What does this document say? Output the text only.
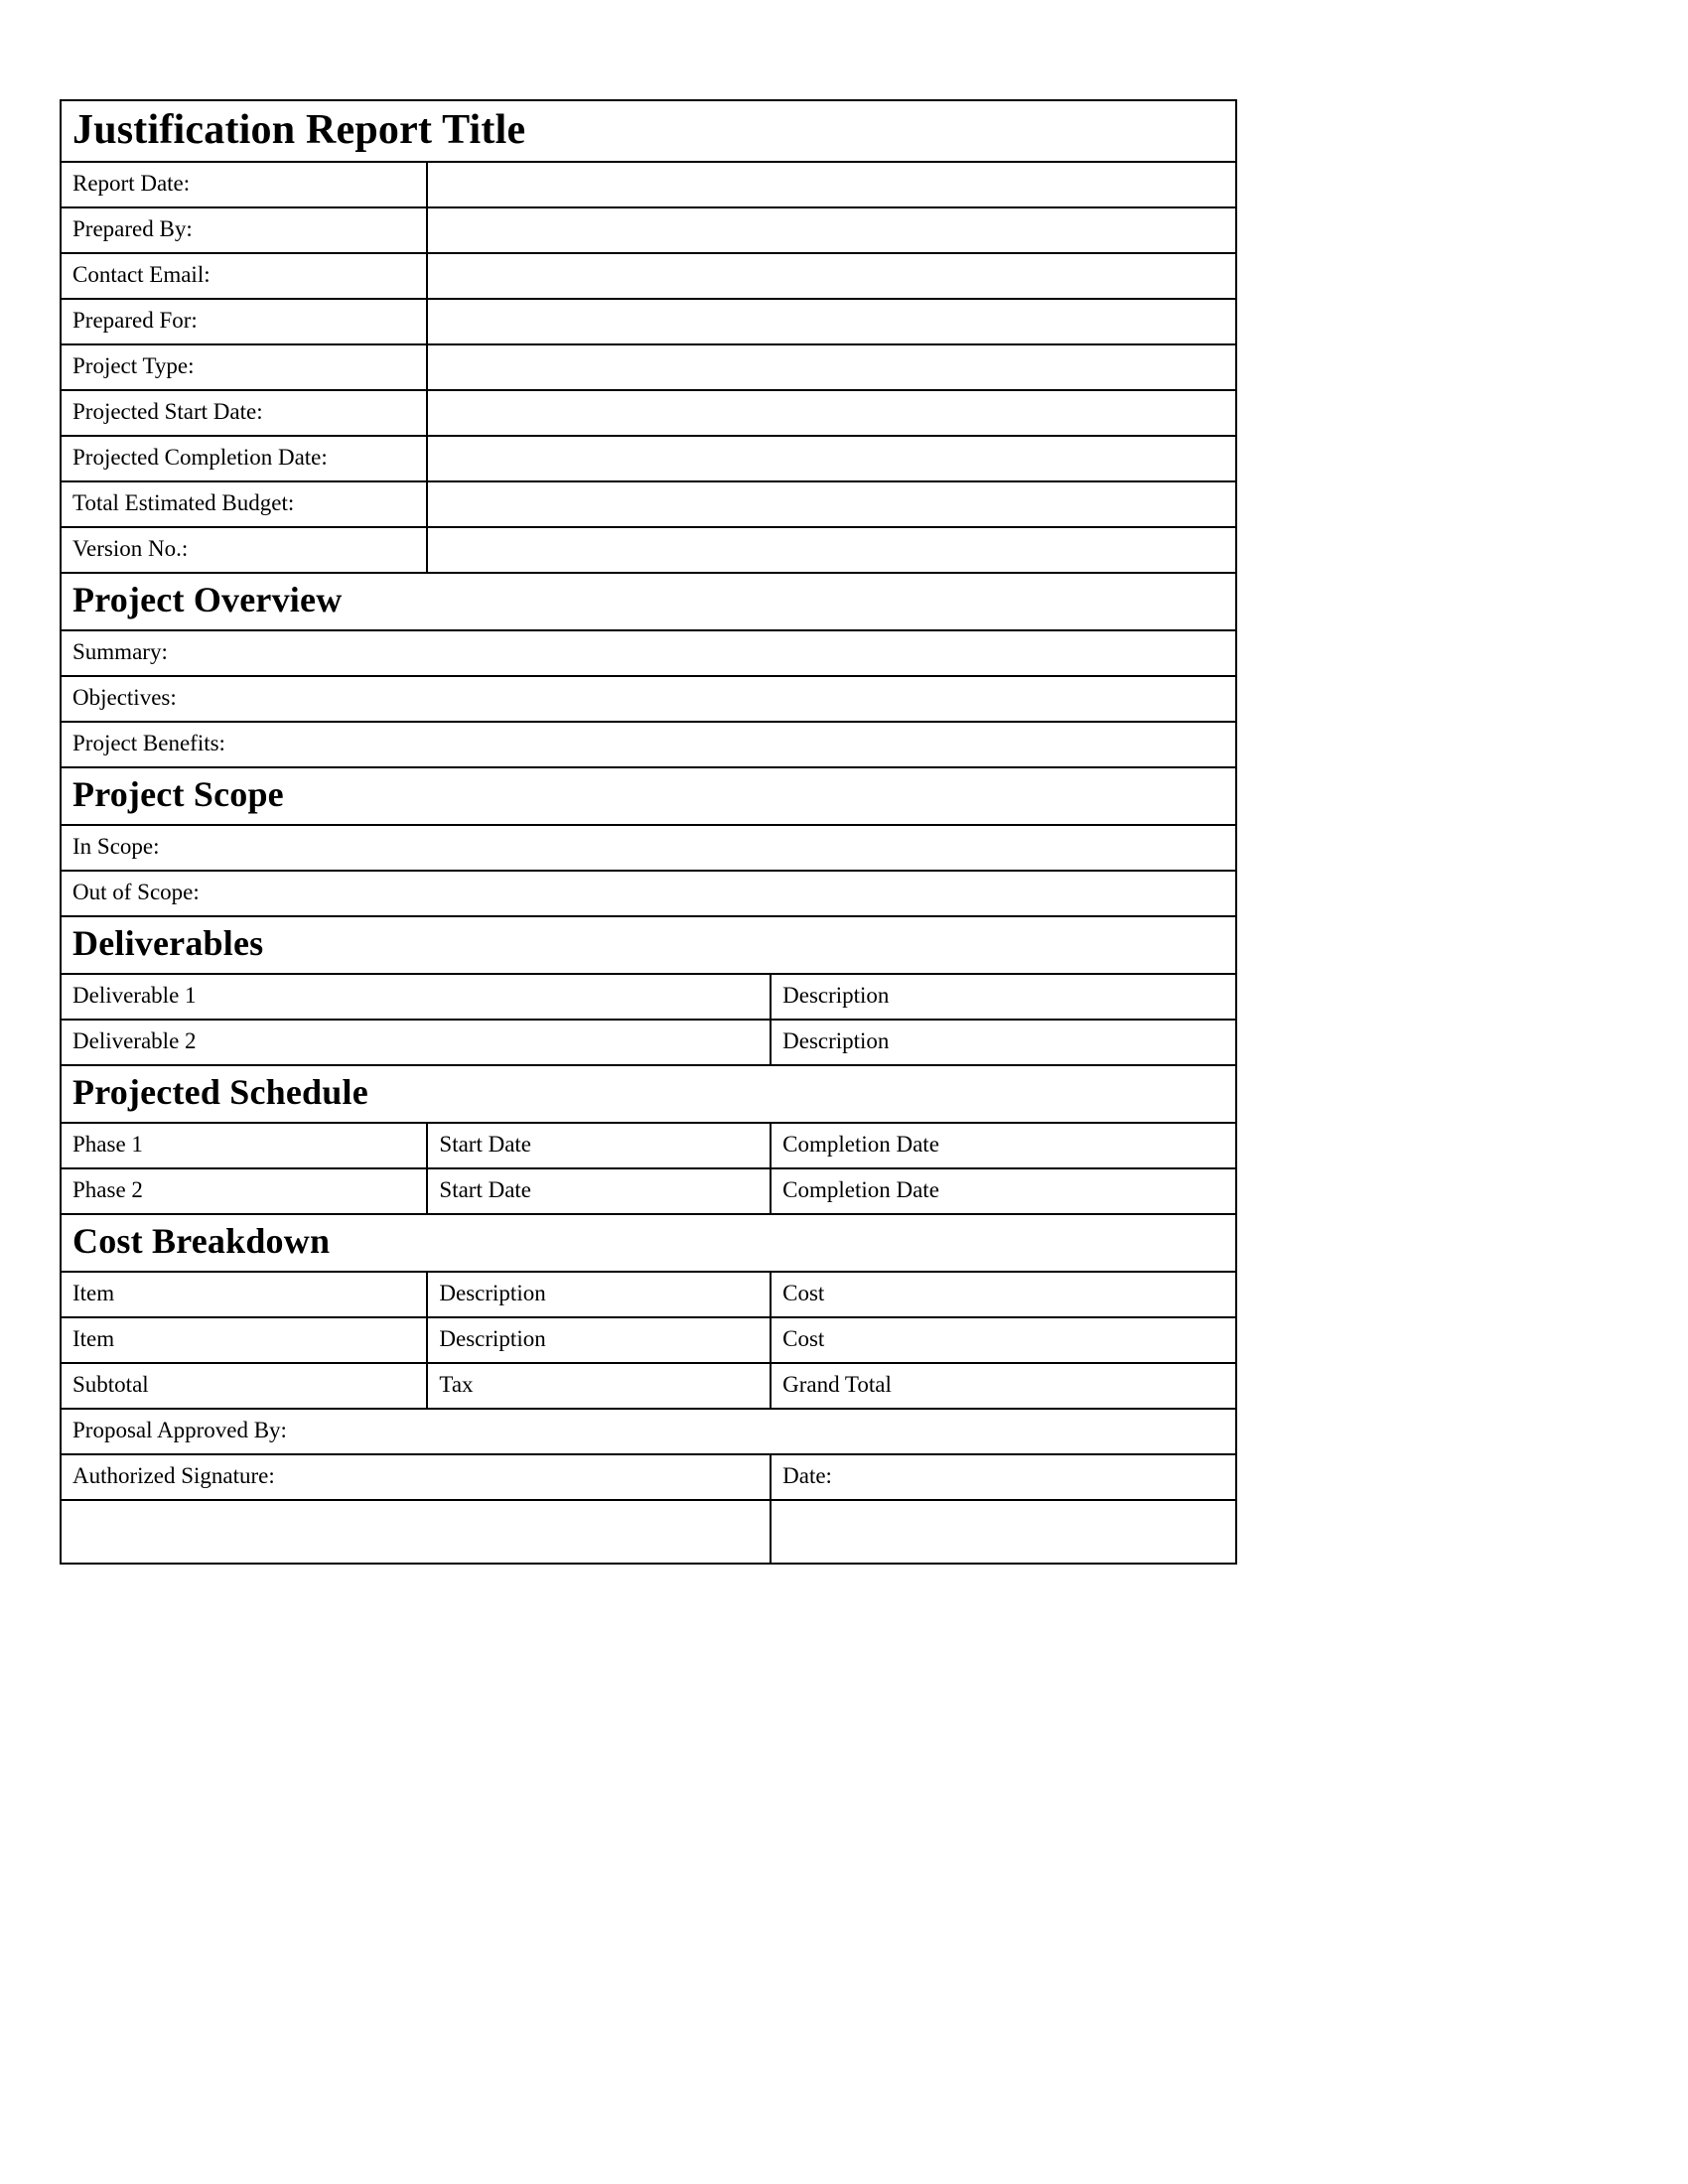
Justification Report Title		

Report Date:		

Prepared By:		

Contact Email:		

Prepared For:		

Project Type:		

Projected Start Date:		

Projected Completion Date:		

Total Estimated Budget:		

Version No.:		

Project Overview		

Summary:		

Objectives:		

Project Benefits:		

Project Scope		

In Scope:		

Out of Scope:		

Deliverables		

Deliverable 1		Description

Deliverable 2		Description

Projected Schedule		

Phase 1	Start Date	Completion Date

Phase 2	Start Date	Completion Date

Cost Breakdown		

Item	Description	Cost

Item	Description	Cost

Subtotal	Tax	Grand Total

Proposal Approved By:		

Authorized Signature:		Date:
